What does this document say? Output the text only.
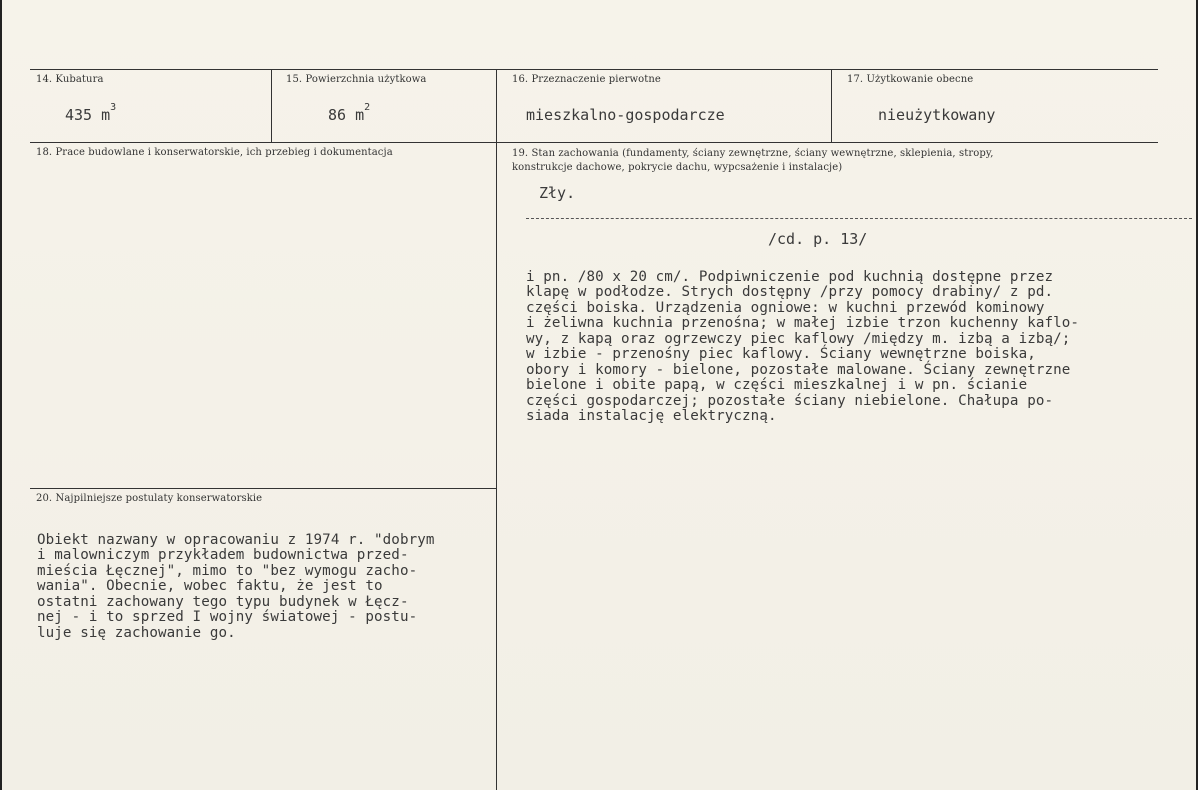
14. Kubatura
435 $m^3$
15. Powierzchnia użytkowa
86 $m^2$
16. Przeznaczenie pierwotne
mieszkalno-gospodarcze
17. Użytkowanie obecne
nieużytkowany
18. Prace budowlane i konserwatorskie, ich przebieg i dokumentacja	19. Stan zachowania (fundamenty, ściany zewnętrzne, ściany wewnętrzne, sklepienia, stropy,
konstrukcje dachowe, pokrycie dachu, wypcsażenie i instalacje)
Zły.
/cd. p. 13/

i pn. /80 x 20 cm/. Podpiwniczenie pod kuchnią dostępne przez
klapę w podłodze. Strych dostępny /przy pomocy drabiny/ z pd.
części boiska. Urządzenia ogniowe: w kuchni przewód kominowy
i żeliwna kuchnia przenośna; w małej izbie trzon kuchenny kaflo-
wy, z kapą oraz ogrzewczy piec kaflowy /między m. izbą a izbą/;
w izbie - przenośny piec kaflowy. Ściany wewnętrzne boiska,
obory i komory - bielone, pozostałe malowane. Ściany zewnętrzne
bielone i obite papą, w części mieszkalnej i w pn. ścianie
części gospodarczej; pozostałe ściany niebielone. Chałupa po-
siada instalację elektryczną.

20. Najpilniejsze postulaty konserwatorskie

Obiekt nazwany w opracowaniu z 1974 r. "dobrym
i malowniczym przykładem budownictwa przed-
mieścia Łęcznej", mimo to "bez wymogu zacho-
wania". Obecnie, wobec faktu, że jest to
ostatni zachowany tego typu budynek w Łęcz-
nej - i to sprzed I wojny światowej - postu-
luje się zachowanie go.
